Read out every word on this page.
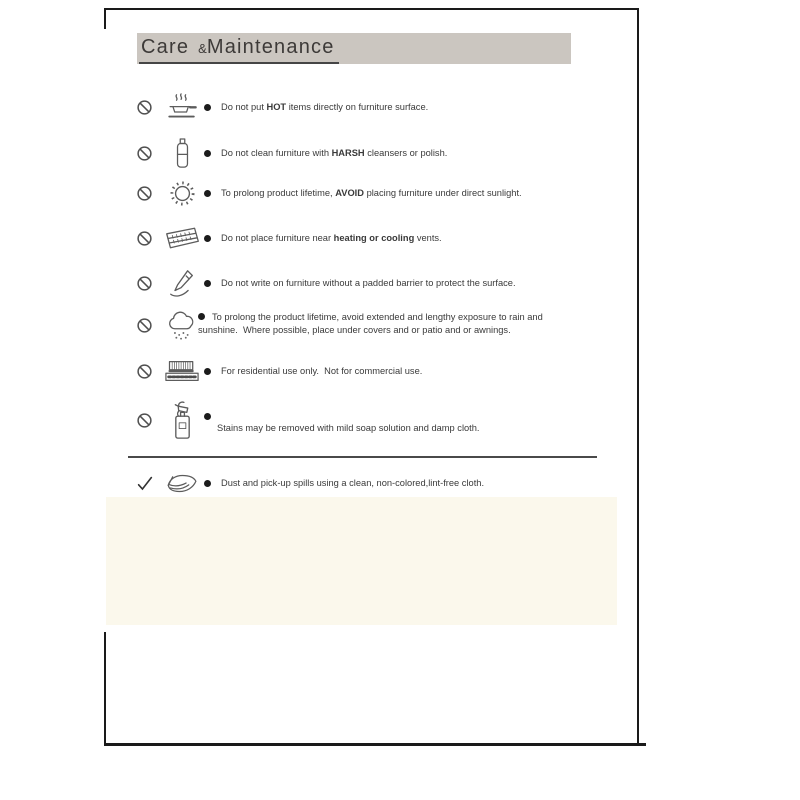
Care &Maintenance
Do not put HOT items directly on furniture surface.
Do not clean furniture with HARSH cleansers or polish.
To prolong product lifetime, AVOID placing furniture under direct sunlight.
Do not place furniture near heating or cooling vents.
Do not write on furniture without a padded barrier to protect the surface.
To prolong the product lifetime, avoid extended and lengthy exposure to rain and sunshine.  Where possible, place under covers and or patio and or awnings.
For residential use only.  Not for commercial use.
Stains may be removed with mild soap solution and damp cloth.
Dust and pick-up spills using a clean, non-colored,lint-free cloth.
